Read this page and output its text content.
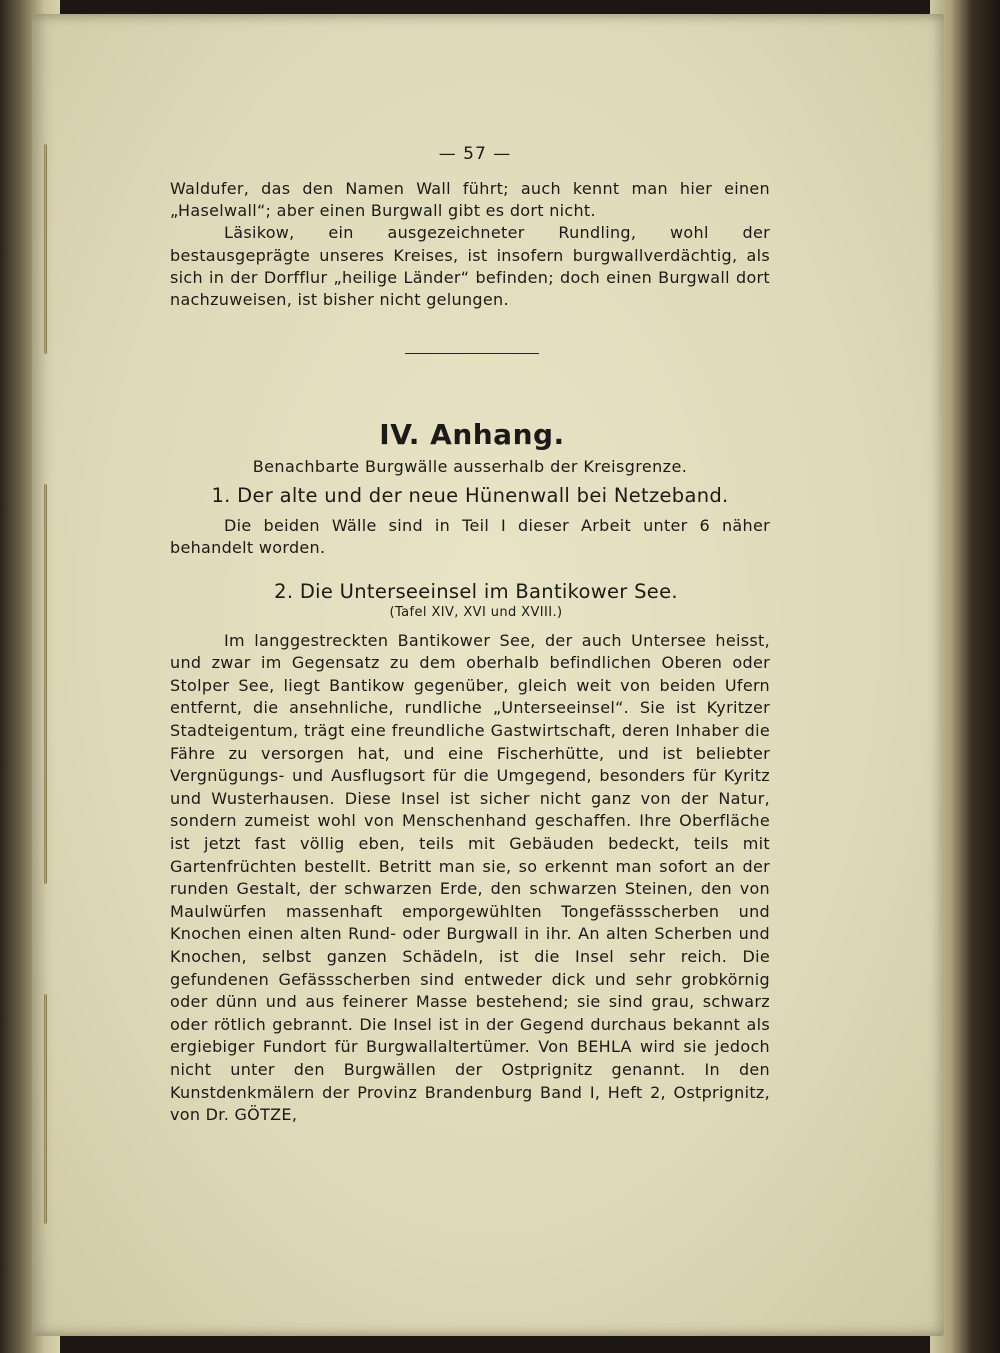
— 57 —

Waldufer, das den Namen Wall führt; auch kennt man hier einen „Haselwall“; aber einen Burgwall gibt es dort nicht.

Läsikow, ein ausgezeichneter Rundling, wohl der bestausgeprägte unseres Kreises, ist insofern burgwallverdächtig, als sich in der Dorfflur „heilige Länder“ befinden; doch einen Burgwall dort nachzuweisen, ist bisher nicht gelungen.

IV. Anhang.
Benachbarte Burgwälle ausserhalb der Kreisgrenze.
1. Der alte und der neue Hünenwall bei Netzeband.

Die beiden Wälle sind in Teil I dieser Arbeit unter 6 näher behandelt worden.

2. Die Unterseeinsel im Bantikower See.
(Tafel XIV, XVI und XVIII.)

Im langgestreckten Bantikower See, der auch Untersee heisst, und zwar im Gegensatz zu dem oberhalb befindlichen Oberen oder Stolper See, liegt Bantikow gegenüber, gleich weit von beiden Ufern entfernt, die ansehnliche, rundliche „Unterseeinsel“. Sie ist Kyritzer Stadteigentum, trägt eine freundliche Gastwirtschaft, deren Inhaber die Fähre zu versorgen hat, und eine Fischerhütte, und ist beliebter Vergnügungs- und Ausflugsort für die Umgegend, besonders für Kyritz und Wusterhausen. Diese Insel ist sicher nicht ganz von der Natur, sondern zumeist wohl von Menschenhand geschaffen. Ihre Oberfläche ist jetzt fast völlig eben, teils mit Gebäuden bedeckt, teils mit Gartenfrüchten bestellt. Betritt man sie, so erkennt man sofort an der runden Gestalt, der schwarzen Erde, den schwarzen Steinen, den von Maulwürfen massenhaft emporgewühlten Tongefässscherben und Knochen einen alten Rund- oder Burgwall in ihr. An alten Scherben und Knochen, selbst ganzen Schädeln, ist die Insel sehr reich. Die gefundenen Gefässscherben sind entweder dick und sehr grobkörnig oder dünn und aus feinerer Masse bestehend; sie sind grau, schwarz oder rötlich gebrannt. Die Insel ist in der Gegend durchaus bekannt als ergiebiger Fundort für Burgwallaltertümer. Von BEHLA wird sie jedoch nicht unter den Burgwällen der Ostprignitz genannt. In den Kunstdenkmälern der Provinz Brandenburg Band I, Heft 2, Ostprignitz, von Dr. GÖTZE,
